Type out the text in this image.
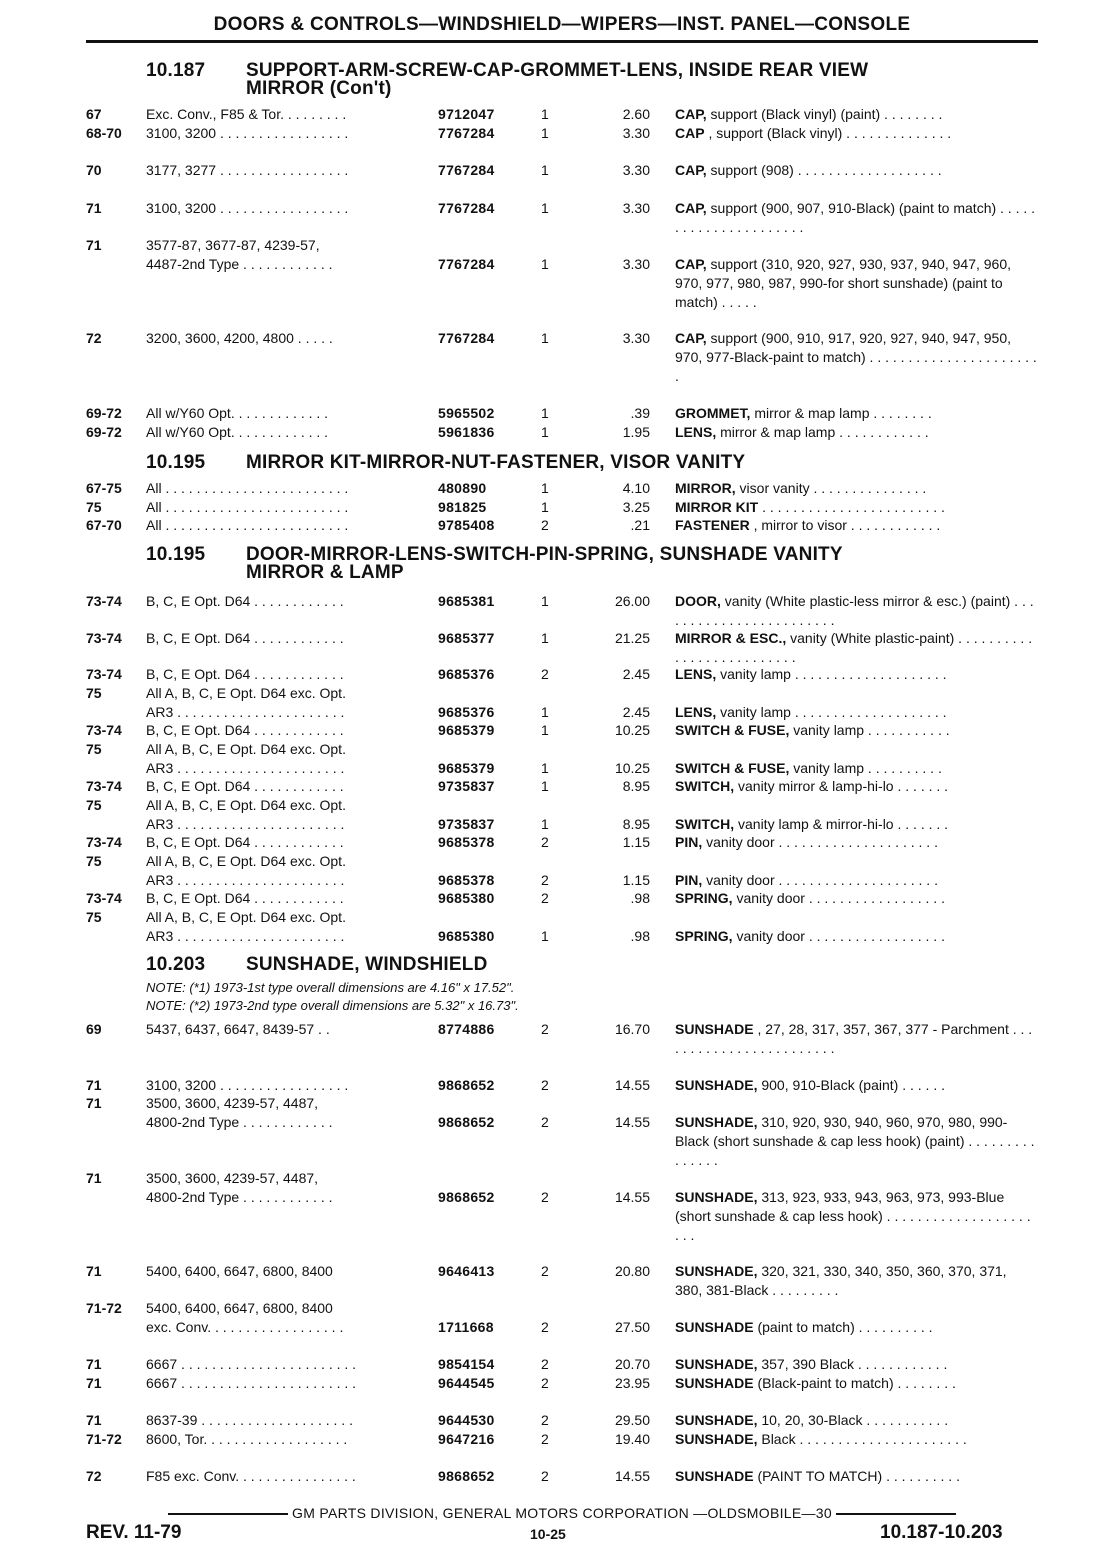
DOORS & CONTROLS—WINDSHIELD—WIPERS—INST. PANEL—CONSOLE
10.187 SUPPORT-ARM-SCREW-CAP-GROMMET-LENS, INSIDE REAR VIEW
MIRROR (Con't)
10.195 MIRROR KIT-MIRROR-NUT-FASTENER, VISOR VANITY
10.195 DOOR-MIRROR-LENS-SWITCH-PIN-SPRING, SUNSHADE VANITY
MIRROR & LAMP
10.203 SUNSHADE, WINDSHIELD
NOTE: (*1) 1973-1st type overall dimensions are 4.16" x 17.52".
NOTE: (*2) 1973-2nd type overall dimensions are 5.32" x 16.73".
67	Exc. Conv., F85 & Tor. . . . . . . . .	9712047	1	2.60 CAP, support (Black vinyl) (paint) . . . . . . . .
68-70 3100, 3200 . . . . . . . . . . . . . . . . .	7767284	1	3.30 CAP , support (Black vinyl) . . . . . . . . . . . . . .
70	3177, 3277 . . . . . . . . . . . . . . . . .	7767284	1	3.30 CAP, support (908) . . . . . . . . . . . . . . . . . . .
71	3100, 3200 . . . . . . . . . . . . . . . . .	7767284	1	3.30 CAP, support (900, 907, 910-Black) (paint to match) . . . . . . . . . . . . . . . . . . . . . .
71	3577-87, 3677-87, 4239-57,
4487-2nd Type . . . . . . . . . . . .	7767284	1	3.30 CAP, support (310, 920, 927, 930, 937, 940, 947, 960, 970, 977, 980, 987, 990-for short sunshade) (paint to match) . . . . .
72	3200, 3600, 4200, 4800 . . . . .	7767284	1	3.30 CAP, support (900, 910, 917, 920, 927, 940, 947, 950, 970, 977-Black-paint to match) . . . . . . . . . . . . . . . . . . . . . . .
69-72 All w/Y60 Opt. . . . . . . . . . . . .	5965502	1	.39 GROMMET, mirror & map lamp . . . . . . . .
69-72 All w/Y60 Opt. . . . . . . . . . . . .	5961836	1	1.95 LENS, mirror & map lamp . . . . . . . . . . . .
67-75 All . . . . . . . . . . . . . . . . . . . . . . . .	480890	1	4.10 MIRROR, visor vanity . . . . . . . . . . . . . . .
75	All . . . . . . . . . . . . . . . . . . . . . . . .	981825	1	3.25 MIRROR KIT . . . . . . . . . . . . . . . . . . . . . . . .
67-70 All . . . . . . . . . . . . . . . . . . . . . . . .	9785408	2	.21 FASTENER , mirror to visor . . . . . . . . . . . .
73-74 B, C, E Opt. D64 . . . . . . . . . . . .	9685381	1	26.00 DOOR, vanity (White plastic-less mirror & esc.) (paint) . . . . . . . . . . . . . . . . . . . . . . . .
73-74 B, C, E Opt. D64 . . . . . . . . . . . .	9685377	1	21.25 MIRROR & ESC., vanity (White plastic-paint) . . . . . . . . . . . . . . . . . . . . . . . . . .
73-74 B, C, E Opt. D64 . . . . . . . . . . . .	9685376	2	2.45 LENS, vanity lamp . . . . . . . . . . . . . . . . . . . .
75	All A, B, C, E Opt. D64 exc. Opt.
AR3 . . . . . . . . . . . . . . . . . . . . . .	9685376	1	2.45 LENS, vanity lamp . . . . . . . . . . . . . . . . . . . .
73-74 B, C, E Opt. D64 . . . . . . . . . . . .	9685379	1	10.25 SWITCH & FUSE, vanity lamp . . . . . . . . . . .
75	All A, B, C, E Opt. D64 exc. Opt.
AR3 . . . . . . . . . . . . . . . . . . . . . .	9685379	1	10.25 SWITCH & FUSE, vanity lamp . . . . . . . . . .
73-74 B, C, E Opt. D64 . . . . . . . . . . . .	9735837	1	8.95 SWITCH, vanity mirror & lamp-hi-lo . . . . . . .
75	All A, B, C, E Opt. D64 exc. Opt.
AR3 . . . . . . . . . . . . . . . . . . . . . .	9735837	1	8.95 SWITCH, vanity lamp & mirror-hi-lo . . . . . . .
73-74 B, C, E Opt. D64 . . . . . . . . . . . .	9685378	2	1.15 PIN, vanity door . . . . . . . . . . . . . . . . . . . . .
75	All A, B, C, E Opt. D64 exc. Opt.
AR3 . . . . . . . . . . . . . . . . . . . . . .	9685378	2	1.15 PIN, vanity door . . . . . . . . . . . . . . . . . . . . .
73-74 B, C, E Opt. D64 . . . . . . . . . . . .	9685380	2	.98 SPRING, vanity door . . . . . . . . . . . . . . . . . .
75	All A, B, C, E Opt. D64 exc. Opt.
AR3 . . . . . . . . . . . . . . . . . . . . . .	9685380	1	.98 SPRING, vanity door . . . . . . . . . . . . . . . . . .
69	5437, 6437, 6647, 8439-57 . .	8774886	2	16.70 SUNSHADE , 27, 28, 317, 357, 367, 377 - Parchment . . . . . . . . . . . . . . . . . . . . . . . .
71	3100, 3200 . . . . . . . . . . . . . . . . .	9868652	2	14.55 SUNSHADE, 900, 910-Black (paint) . . . . . .
71	3500, 3600, 4239-57, 4487,
4800-2nd Type . . . . . . . . . . . .	9868652	2	14.55 SUNSHADE, 310, 920, 930, 940, 960, 970, 980, 990-Black (short sunshade & cap less hook) (paint) . . . . . . . . . . . . . . .
71	3500, 3600, 4239-57, 4487,
4800-2nd Type . . . . . . . . . . . .	9868652	2	14.55 SUNSHADE, 313, 923, 933, 943, 963, 973, 993-Blue (short sunshade & cap less hook) . . . . . . . . . . . . . . . . . . . . . .
71	5400, 6400, 6647, 6800, 8400	9646413	2	20.80 SUNSHADE, 320, 321, 330, 340, 350, 360, 370, 371, 380, 381-Black . . . . . . . . .
71-72 5400, 6400, 6647, 6800, 8400
exc. Conv. . . . . . . . . . . . . . . . . .	1711668	2	27.50 SUNSHADE (paint to match) . . . . . . . . . .
71	6667 . . . . . . . . . . . . . . . . . . . . . . .	9854154	2	20.70 SUNSHADE, 357, 390 Black . . . . . . . . . . . .
71	6667 . . . . . . . . . . . . . . . . . . . . . . .	9644545	2	23.95 SUNSHADE (Black-paint to match) . . . . . . . .
71	8637-39 . . . . . . . . . . . . . . . . . . . .	9644530	2	29.50 SUNSHADE, 10, 20, 30-Black . . . . . . . . . . .
71-72 8600, Tor. . . . . . . . . . . . . . . . . . .	9647216	2	19.40 SUNSHADE, Black . . . . . . . . . . . . . . . . . . . . . .
72	F85 exc. Conv. . . . . . . . . . . . . . . .	9868652	2	14.55 SUNSHADE (PAINT TO MATCH) . . . . . . . . . .
GM PARTS DIVISION, GENERAL MOTORS CORPORATION —OLDSMOBILE—30
REV. 11-79	10-25	10.187-10.203
